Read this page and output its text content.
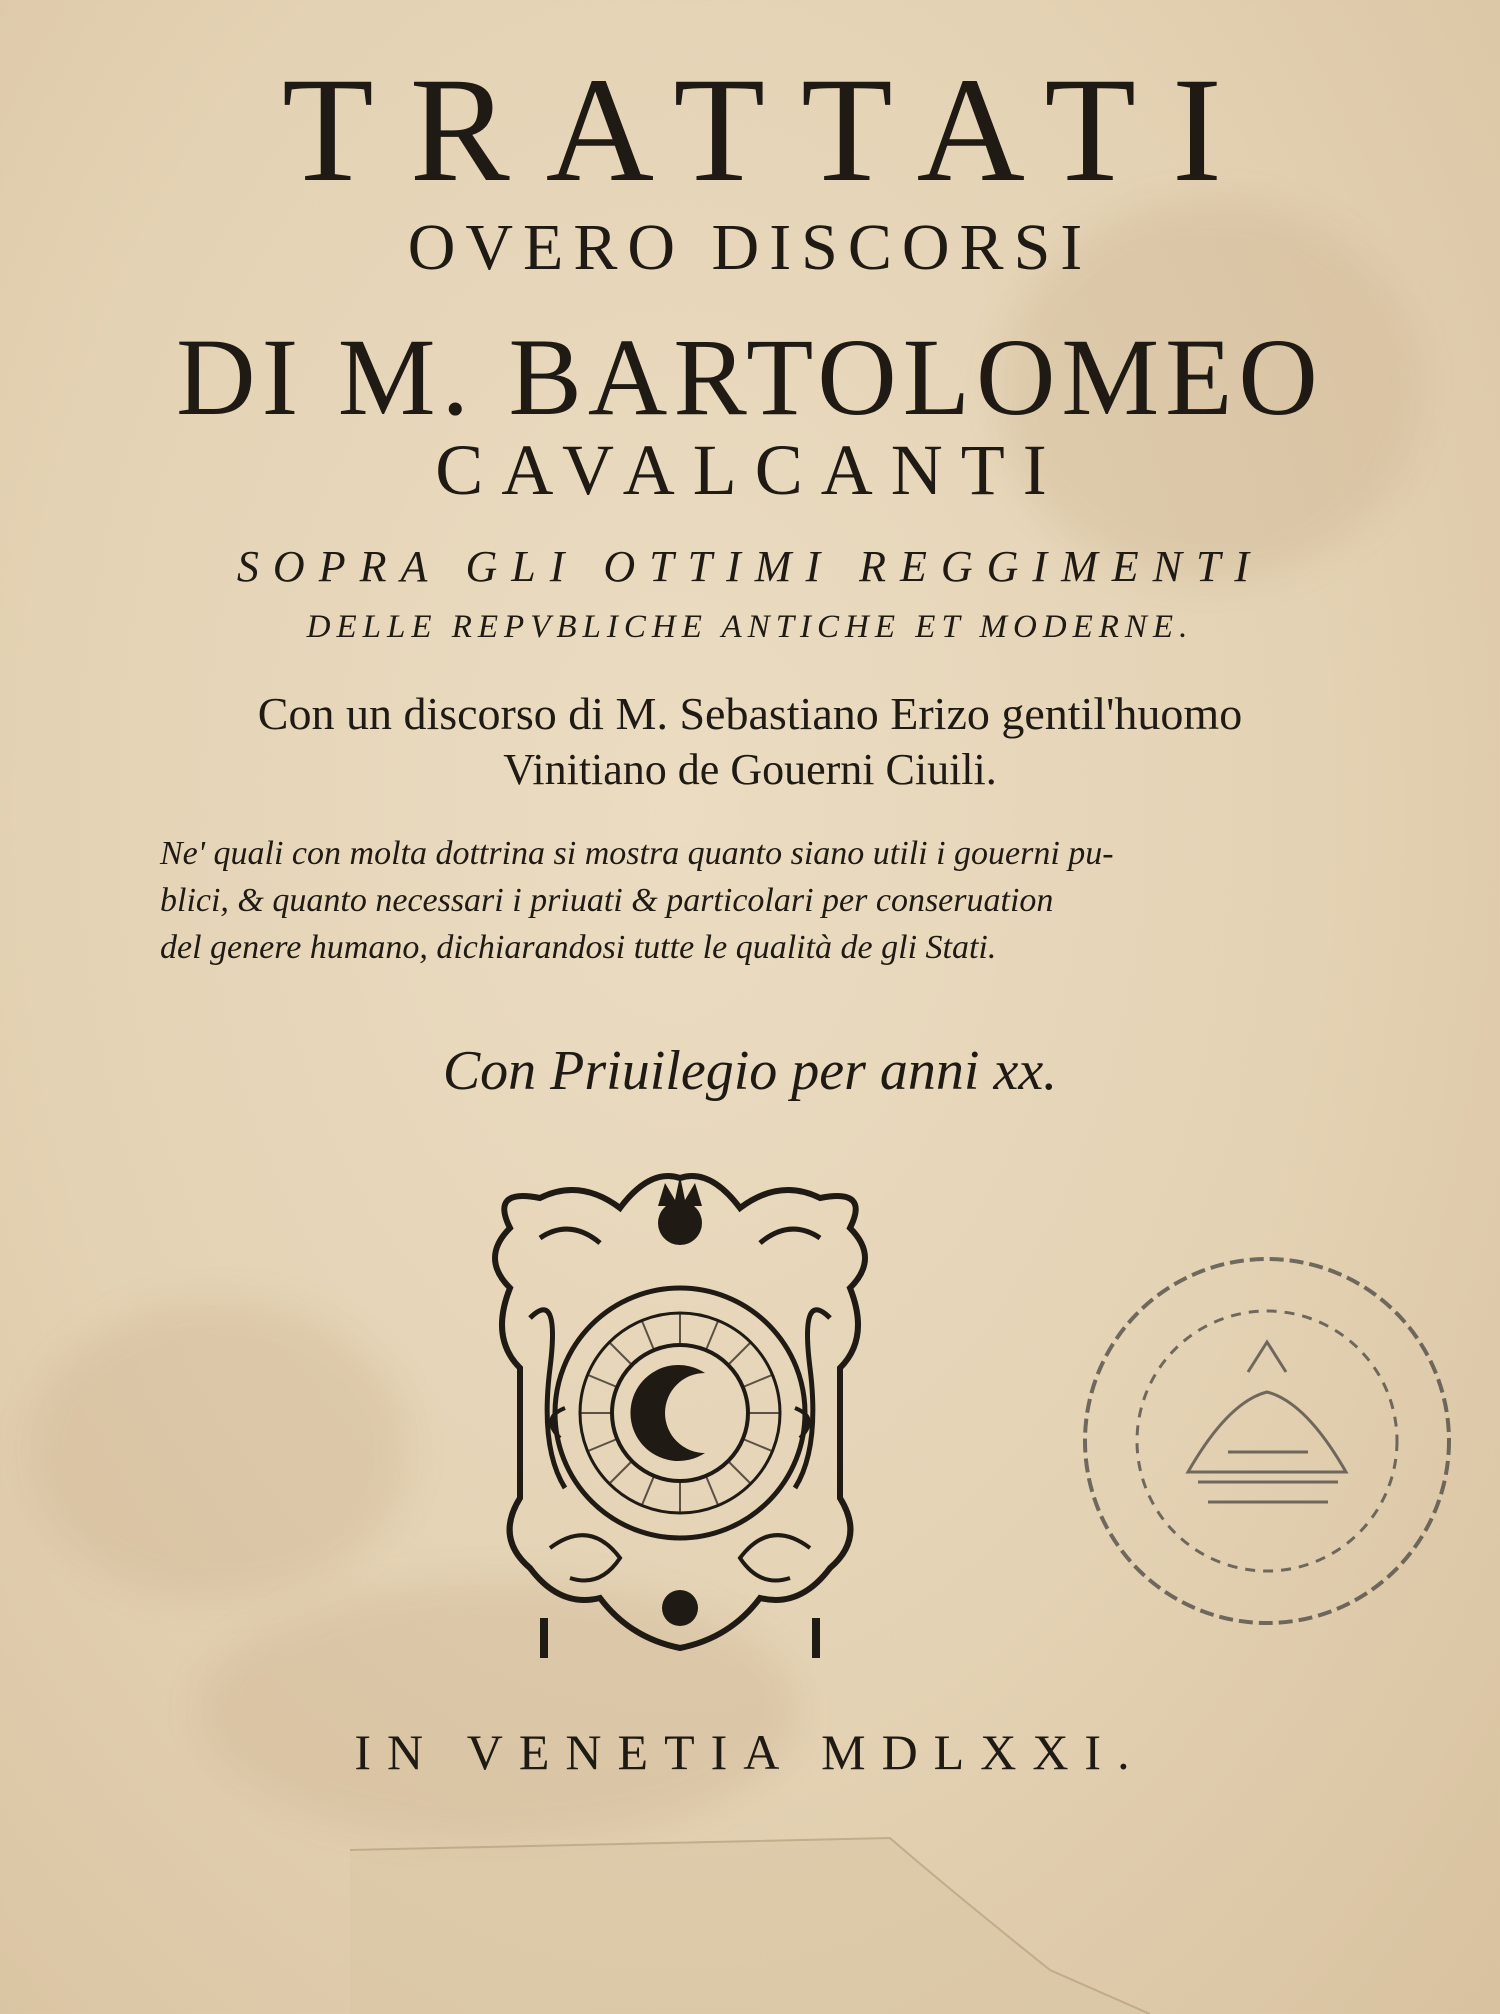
TRATTATI
OVERO DISCORSI
DI M. BARTOLOMEO
CAVALCANTI
SOPRA GLI OTTIMI REGGIMENTI
DELLE REPVBLICHE ANTICHE ET MODERNE.
Con un discorso di M. Sebastiano Erizo gentil'huomo
Vinitiano de Gouerni Ciuili.
Ne' quali con molta dottrina si mostra quanto siano utili i gouerni pu-
blici, & quanto necessari i priuati & particolari per conseruation
del genere humano, dichiarandosi tutte le qualità de gli Stati.
Con Priuilegio per anni xx.
IN VENETIA MDLXXI.
